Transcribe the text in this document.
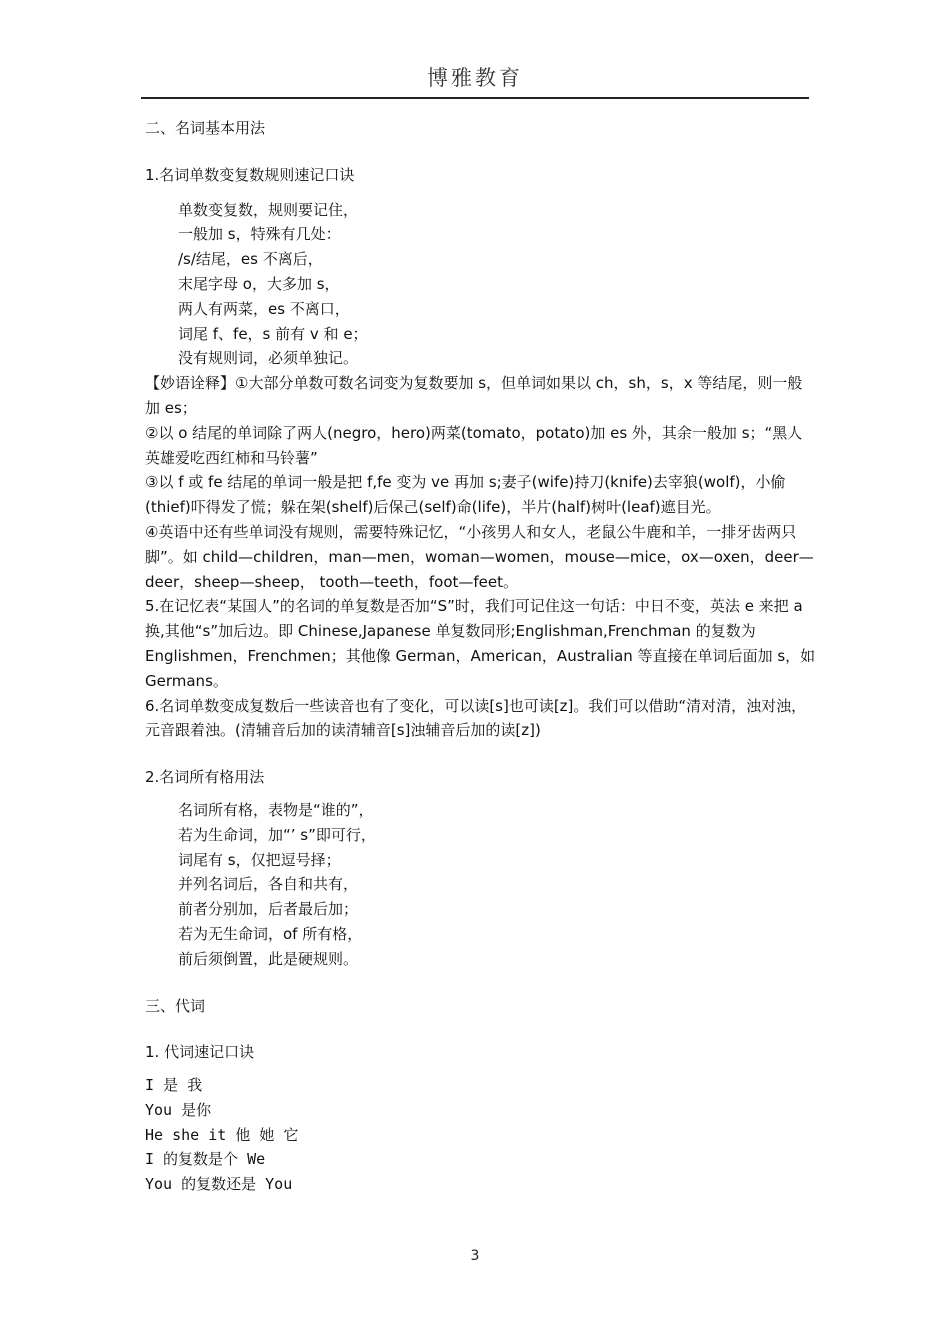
博雅教育
二、名词基本用法
1.名词单数变复数规则速记口诀
单数变复数，规则要记住，
一般加 s，特殊有几处：
/s/结尾，es 不离后，
末尾字母 o，大多加 s，
两人有两菜，es 不离口，
词尾 f、fe，s 前有 v 和 e；
没有规则词，必须单独记。
【妙语诠释】①大部分单数可数名词变为复数要加 s，但单词如果以 ch，sh，s，x 等结尾，则一般加 es；
②以 o 结尾的单词除了两人(negro，hero)两菜(tomato，potato)加 es 外，其余一般加 s；“黑人英雄爱吃西红柿和马铃薯”
③以 f 或 fe 结尾的单词一般是把 f,fe 变为 ve 再加 s;妻子(wife)持刀(knife)去宰狼(wolf)，小偷(thief)吓得发了慌；躲在架(shelf)后保己(self)命(life)，半片(half)树叶(leaf)遮目光。
④英语中还有些单词没有规则，需要特殊记忆，“小孩男人和女人，老鼠公牛鹿和羊，一排牙齿两只脚”。如 child—children，man—men，woman—women，mouse—mice，ox—oxen，deer—deer，sheep—sheep， tooth—teeth，foot—feet。
5.在记忆表“某国人”的名词的单复数是否加“S”时，我们可记住这一句话：中日不变，英法 e 来把 a 换,其他“s”加后边。即 Chinese,Japanese 单复数同形;Englishman,Frenchman 的复数为 Englishmen，Frenchmen；其他像 German，American，Australian 等直接在单词后面加 s，如 Germans。
6.名词单数变成复数后一些读音也有了变化，可以读[s]也可读[z]。我们可以借助“清对清，浊对浊，元音跟着浊。(清辅音后加的读清辅音[s]浊辅音后加的读[z])
2.名词所有格用法
名词所有格，表物是“谁的”，
若为生命词，加“’ s”即可行，
词尾有 s，仅把逗号择；
并列名词后，各自和共有，
前者分别加，后者最后加；
若为无生命词，of 所有格，
前后须倒置，此是硬规则。
三、代词
1. 代词速记口诀
I 是 我
You 是你
He she it 他 她 它
I 的复数是个 We
You 的复数还是 You
3
